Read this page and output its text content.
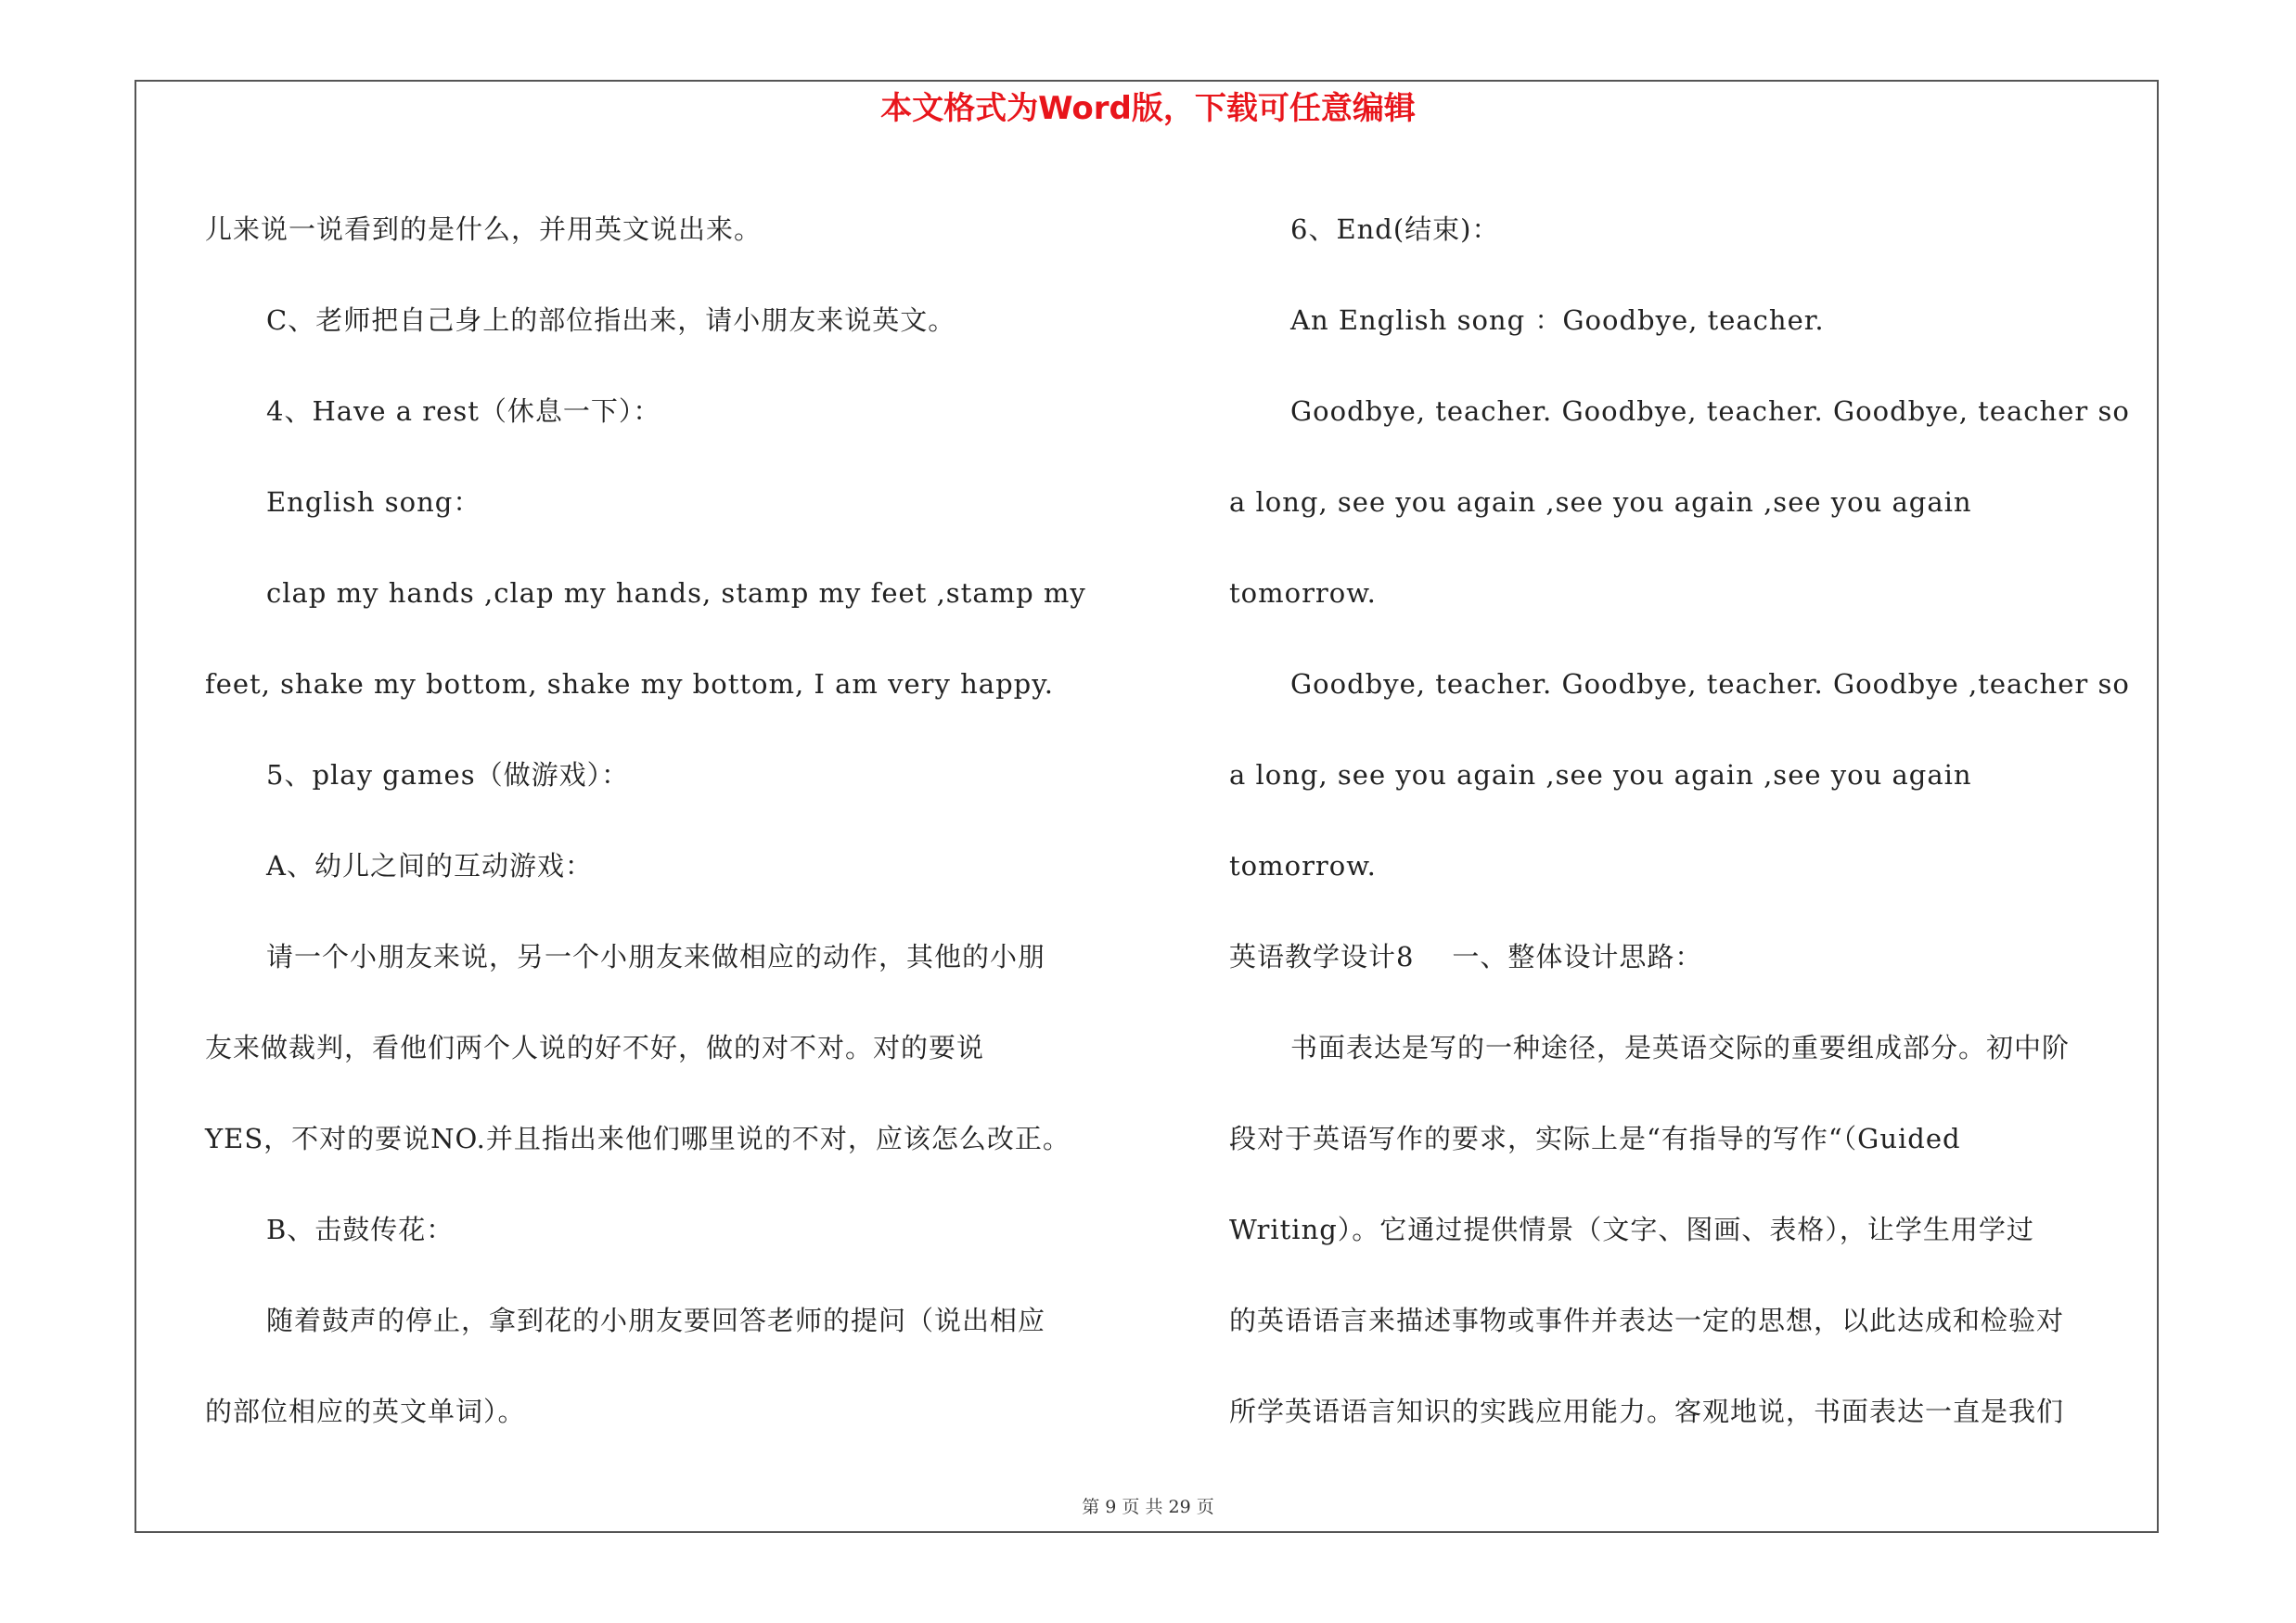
本文格式为Word版，下载可任意编辑
儿来说一说看到的是什么，并用英文说出来。
C、老师把自己身上的部位指出来，请小朋友来说英文。
4、Have a rest（休息一下）：
English song：
clap my hands ,clap my hands, stamp my feet ,stamp my
feet, shake my bottom, shake my bottom, I am very happy.
5、play games（做游戏）：
A、幼儿之间的互动游戏：
请一个小朋友来说，另一个小朋友来做相应的动作，其他的小朋
友来做裁判，看他们两个人说的好不好，做的对不对。对的要说
YES，不对的要说NO.并且指出来他们哪里说的不对，应该怎么改正。
B、击鼓传花：
随着鼓声的停止，拿到花的小朋友要回答老师的提问（说出相应
的部位相应的英文单词）。
6、End(结束)：
An English song ：Goodbye, teacher.
Goodbye, teacher. Goodbye, teacher. Goodbye, teacher so
a long, see you again ,see you again ,see you again
tomorrow.
Goodbye, teacher. Goodbye, teacher. Goodbye ,teacher so
a long, see you again ,see you again ,see you again
tomorrow.
英语教学设计8    一、整体设计思路：
书面表达是写的一种途径，是英语交际的重要组成部分。初中阶
段对于英语写作的要求，实际上是“有指导的写作“（Guided
Writing）。它通过提供情景（文字、图画、表格），让学生用学过
的英语语言来描述事物或事件并表达一定的思想，以此达成和检验对
所学英语语言知识的实践应用能力。客观地说，书面表达一直是我们
第 9 页 共 29 页
